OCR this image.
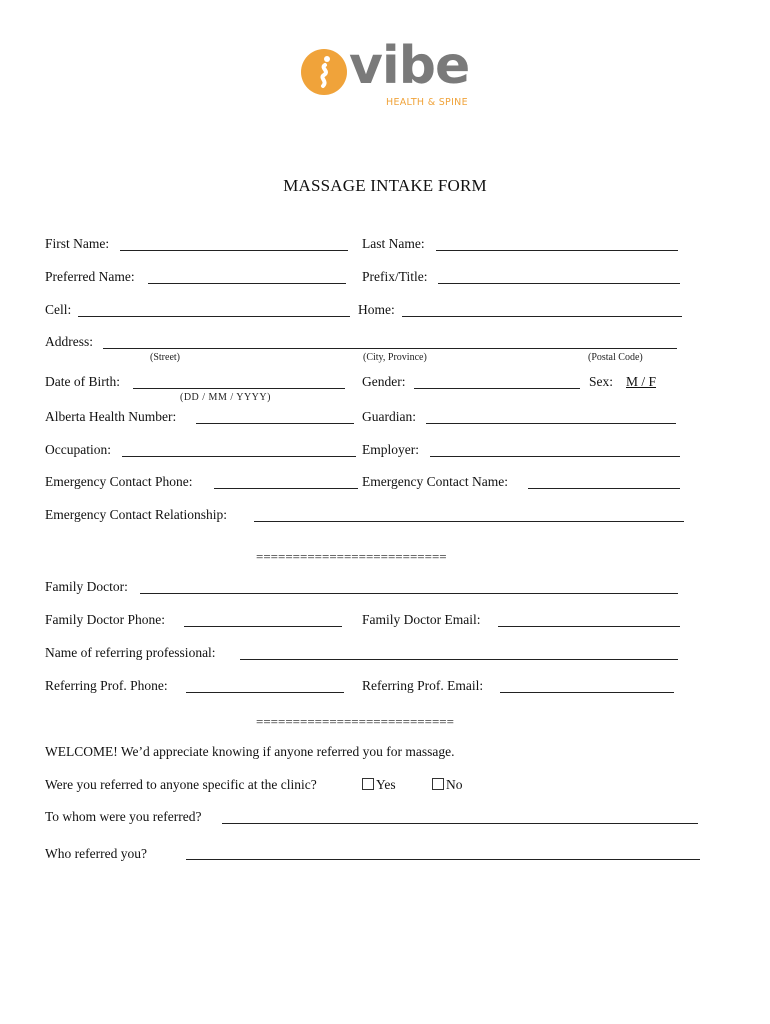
vibe
HEALTH & SPINE
MASSAGE INTAKE FORM
First Name:	Last Name:
Preferred Name:	Prefix/Title:
Cell:	Home:
Address:
(Street)	(City, Province)	(Postal Code)
Date of Birth:
(DD / MM / YYYY)
Gender:	Sex: M / F
Alberta Health Number:	Guardian:
Occupation:	Employer:
Emergency Contact Phone:	Emergency Contact Name:
Emergency Contact Relationship:
==========================
Family Doctor:
Family Doctor Phone:	Family Doctor Email:
Name of referring professional:
Referring Prof. Phone:	Referring Prof. Email:
===========================
WELCOME! We’d appreciate knowing if anyone referred you for massage.
Were you referred to anyone specific at the clinic?	Yes	No
To whom were you referred?
Who referred you?
